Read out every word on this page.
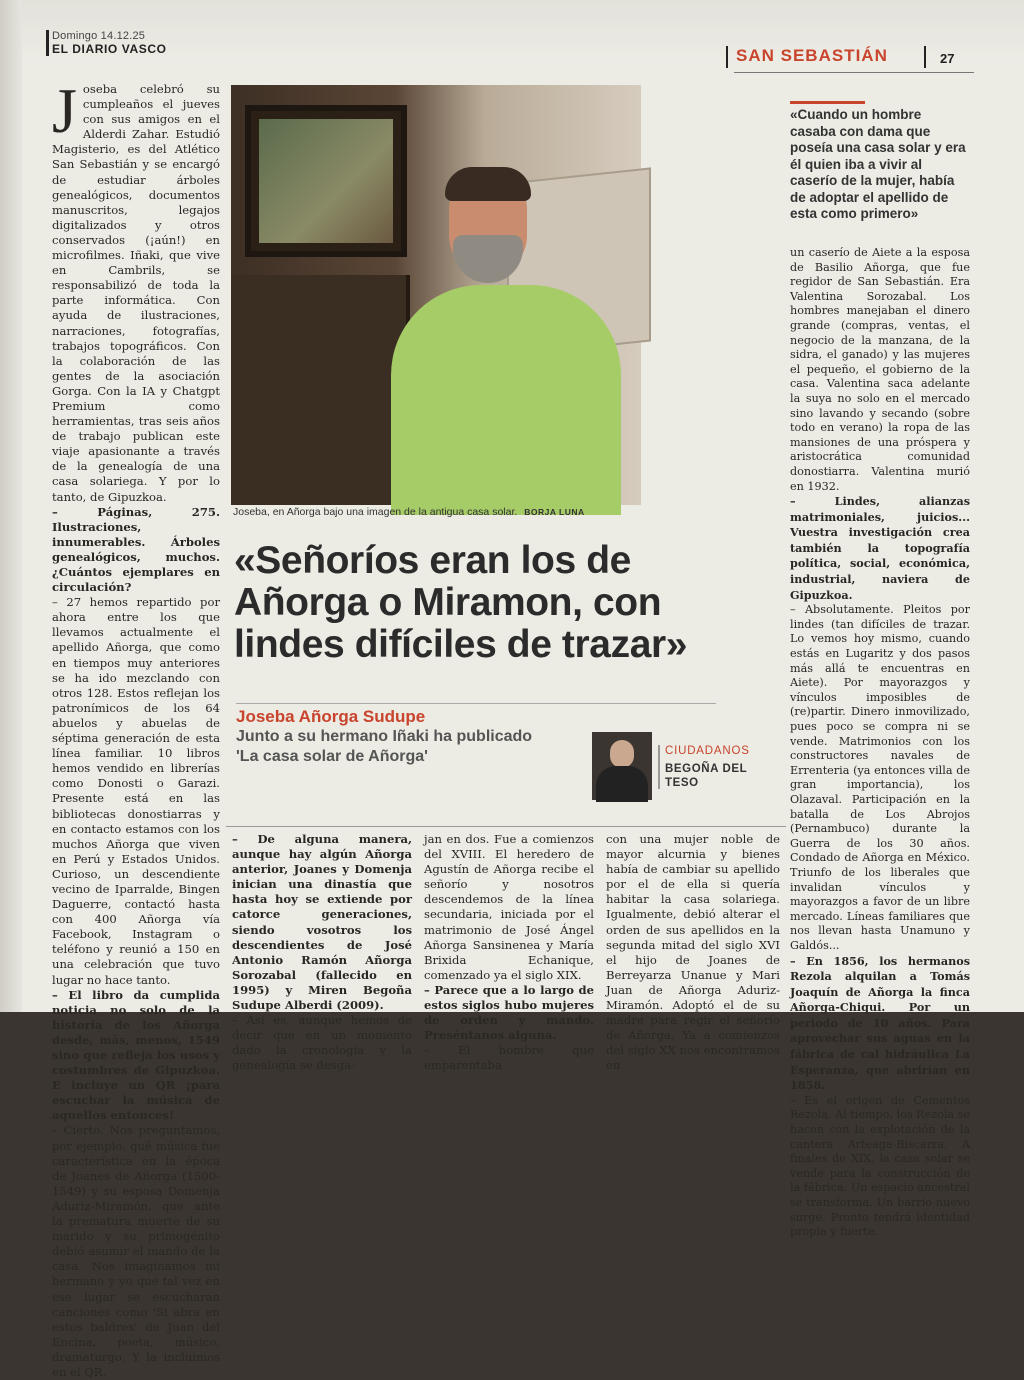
Domingo 14.12.25
EL DIARIO VASCO	SAN SEBASTIÁN	27
J oseba celebró su cumpleaños el jueves con sus amigos en el Alderdi Zahar. Estudió Magisterio, es del Atlético San Sebastián y se encargó de estudiar árboles genealógicos, documentos manuscritos, legajos digitalizados y otros conservados (¡aún!) en microfilmes. Iñaki, que vive en Cambrils, se responsabilizó de toda la parte informática. Con ayuda de ilustraciones, narraciones, fotografías, trabajos topográficos. Con la colaboración de las gentes de la asociación Gorga. Con la IA y Chatgpt Premium como herramientas, tras seis años de trabajo publican este viaje apasionante a través de la genealogía de una casa solariega. Y por lo tanto, de Gipuzkoa.

– Páginas, 275. Ilustraciones, innumerables. Árboles genealógicos, muchos. ¿Cuántos ejemplares en circulación?

– 27 hemos repartido por ahora entre los que llevamos actualmente el apellido Añorga, que como en tiempos muy anteriores se ha ido mezclando con otros 128. Estos reflejan los patronímicos de los 64 abuelos y abuelas de séptima generación de esta línea familiar. 10 libros hemos vendido en librerías como Donosti o Garazi. Presente está en las bibliotecas donostiarras y en contacto estamos con los muchos Añorga que viven en Perú y Estados Unidos. Curioso, un descendiente vecino de Iparralde, Bingen Daguerre, contactó hasta con 400 Añorga vía Facebook, Instagram o teléfono y reunió a 150 en una celebración que tuvo lugar no hace tanto.

– El libro da cumplida noticia no solo de la historia de los Añorga desde, más, menos, 1549 sino que refleja los usos y costumbres de Gipuzkoa. E incluye un QR ¡para escuchar la música de aquellos entonces!

– Cierto. Nos preguntamos, por ejemplo, qué música fue característica en la época de Joanes de Añorga (1500-1549) y su esposa Domenja Aduriz-Miramón, que ante la prematura muerte de su marido y su primogénito debió asumir el mando de la casa. Nos imaginamos mi hermano y yo que tal vez en ese lugar se escucharan canciones como 'Si abra en estos baldres' de Juan del Encina, poeta, músico, dramaturgo. Y la incluimos en el QR.

Joseba, en Añorga bajo una imagen de la antigua casa solar. BORJA LUNA
«Señoríos eran los de Añorga o Miramon, con lindes difíciles de trazar»
Joseba Añorga Sudupe
Junto a su hermano Iñaki ha publicado 'La casa solar de Añorga'	CIUDADANOS
BEGOÑA DEL TESO

– De alguna manera, aunque hay algún Añorga anterior, Joanes y Domenja inician una dinastía que hasta hoy se extiende por catorce generaciones, siendo vosotros los descendientes de José Antonio Ramón Añorga Sorozabal (fallecido en 1995) y Miren Begoña Sudupe Alberdi (2009).

– Así es, aunque hemos de decir que en un momento dado la cronología y la genealogía se desga-

jan en dos. Fue a comienzos del XVIII. El heredero de Agustín de Añorga recibe el señorío y nosotros descendemos de la línea secundaria, iniciada por el matrimonio de José Ángel Añorga Sansinenea y María Brixida Echanique, comenzado ya el siglo XIX.

– Parece que a lo largo de estos siglos hubo mujeres de orden y mando. Preséntanos alguna.

– El hombre que emparentaba

con una mujer noble de mayor alcurnia y bienes había de cambiar su apellido por el de ella si quería habitar la casa solariega. Igualmente, debió alterar el orden de sus apellidos en la segunda mitad del siglo XVI el hijo de Joanes de Berreyarza Unanue y Mari Juan de Añorga Aduriz-Miramón. Adoptó el de su madre para regir el señorío de Añorga. Ya a comienzos del siglo XX nos encontramos en

«Cuando un hombre casaba con dama que poseía una casa solar y era él quien iba a vivir al caserío de la mujer, había de adoptar el apellido de esta como primero»

un caserío de Aiete a la esposa de Basilio Añorga, que fue regidor de San Sebastián. Era Valentina Sorozabal. Los hombres manejaban el dinero grande (compras, ventas, el negocio de la manzana, de la sidra, el ganado) y las mujeres el pequeño, el gobierno de la casa. Valentina saca adelante la suya no solo en el mercado sino lavando y secando (sobre todo en verano) la ropa de las mansiones de una próspera y aristocrática comunidad donostiarra. Valentina murió en 1932.

– Lindes, alianzas matrimoniales, juicios... Vuestra investigación crea también la topografía política, social, económica, industrial, naviera de Gipuzkoa.

– Absolutamente. Pleitos por lindes (tan difíciles de trazar. Lo vemos hoy mismo, cuando estás en Lugaritz y dos pasos más allá te encuentras en Aiete). Por mayorazgos y vínculos imposibles de (re)partir. Dinero inmovilizado, pues poco se compra ni se vende. Matrimonios con los constructores navales de Errenteria (ya entonces villa de gran importancia), los Olazaval. Participación en la batalla de Los Abrojos (Pernambuco) durante la Guerra de los 30 años. Condado de Añorga en México. Triunfo de los liberales que invalidan vínculos y mayorazgos a favor de un libre mercado. Líneas familiares que nos llevan hasta Unamuno y Galdós...

– En 1856, los hermanos Rezola alquilan a Tomás Joaquín de Añorga la finca Añorga-Chiqui. Por un periodo de 10 años. Para aprovechar sus aguas en la fábrica de cal hidráulica La Esperanza, que abrirían en 1858.

– Es el origen de Cementos Rezola. Al tiempo, los Rezola se hacen con la explotación de la cantera Arteaga-Biscarra. A finales de XIX, la casa solar se vende para la construcción de la fábrica. Un espacio ancestral se transforma. Un barrio nuevo surge. Pronto tendrá identidad propia y fuerte.
